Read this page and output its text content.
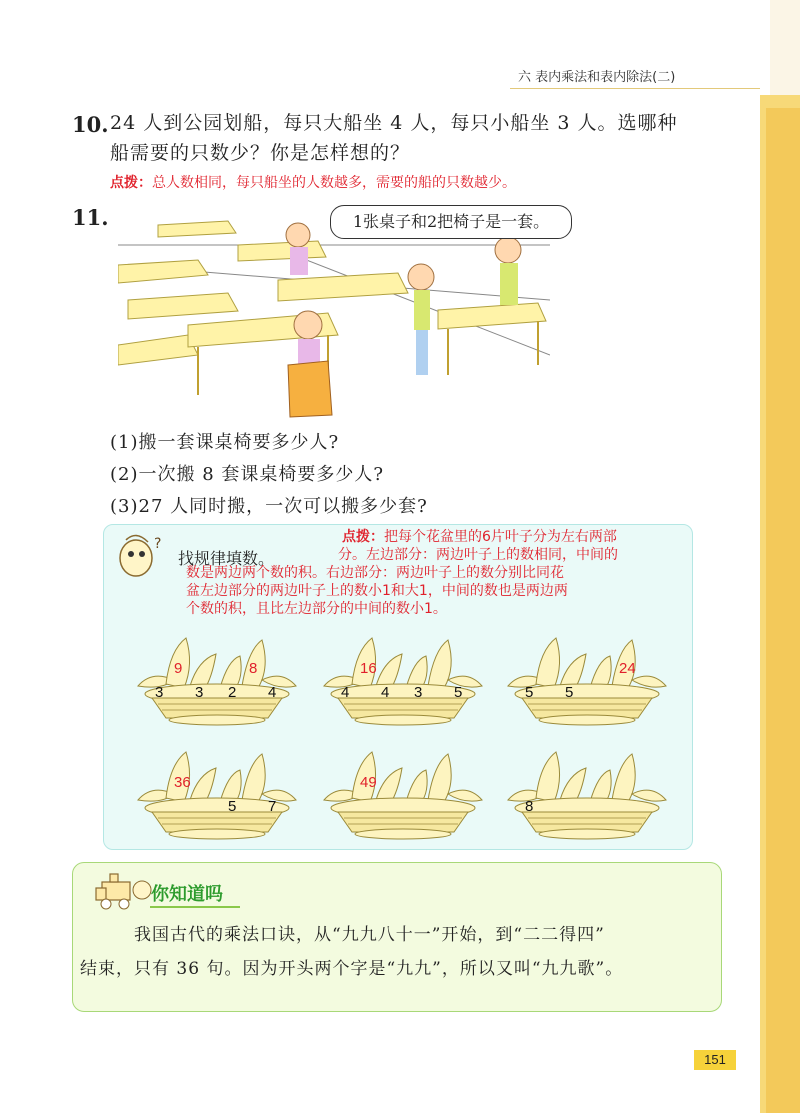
六 表内乘法和表内除法(二)
10. 24 人到公园划船，每只大船坐 4 人，每只小船坐 3 人。选哪种
船需要的只数少？你是怎样想的？
点拨：总人数相同，每只船坐的人数越多，需要的船的只数越少。
11.	1张桌子和2把椅子是一套。
(1)搬一套课桌椅要多少人?
(2)一次搬 8 套课桌椅要多少人?
(3)27 人同时搬，一次可以搬多少套?
?
找规律填数。
点拨：把每个花盆里的6片叶子分为左右两部
分。左边部分：两边叶子上的数相同，中间的
数是两边两个数的积。右边部分：两边叶子上的数分别比同花
盆左边部分的两边叶子上的数小1和大1，中间的数也是两边两
个数的积，且比左边部分的中间的数小1。
3
9
3 2
8
4	4
16
4 3 5	5 5
24
36
5 7
49
8
你知道吗
我国古代的乘法口诀，从“九九八十一”开始，到“二二得四”
结束，只有 36 句。因为开头两个字是“九九”，所以又叫“九九歌”。
151
